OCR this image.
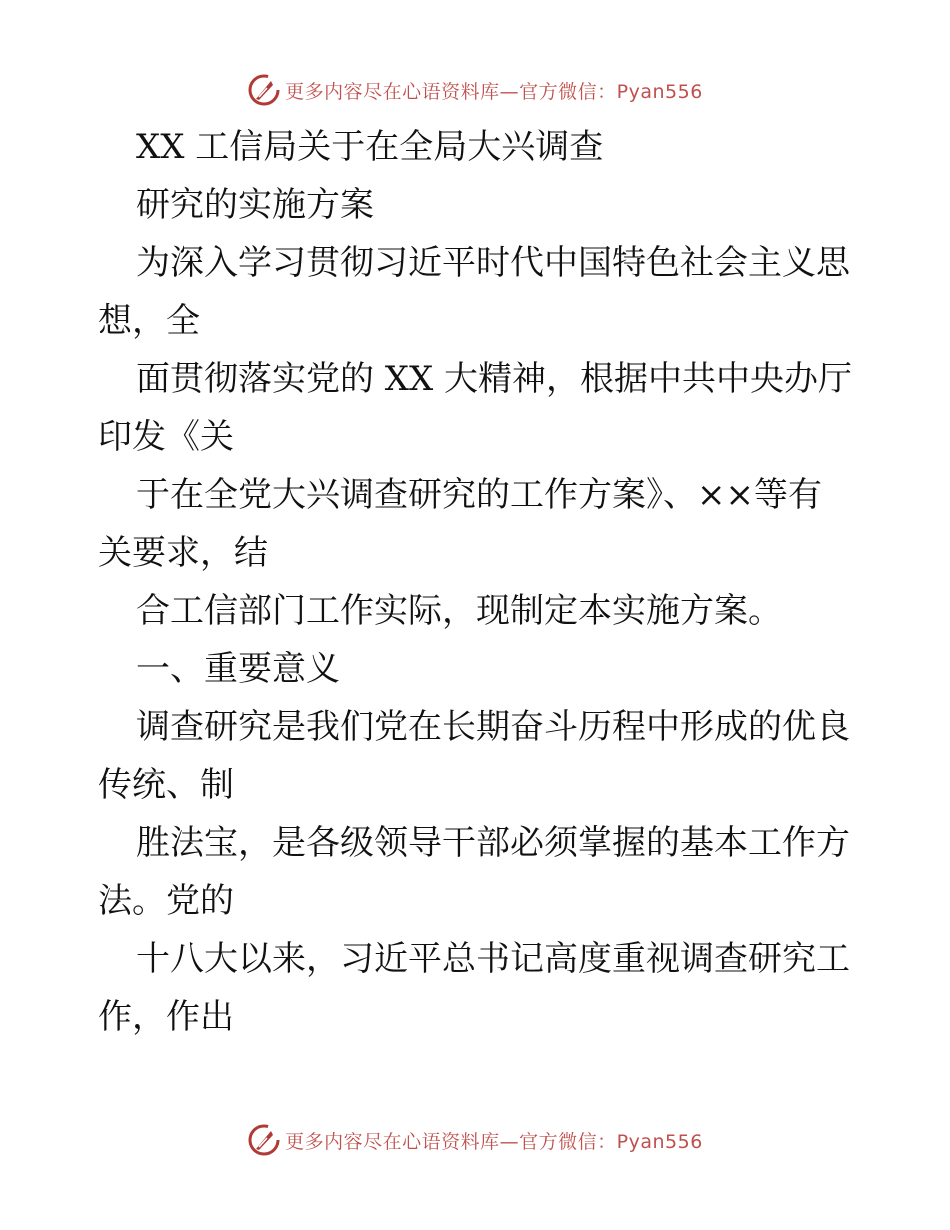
更多内容尽在心语资料库—官方微信：Pyan556
XX 工信局关于在全局大兴调查
研究的实施方案
为深入学习贯彻习近平时代中国特色社会主义思
想，全
面贯彻落实党的 XX 大精神，根据中共中央办厅
印发《关
于在全党大兴调查研究的工作方案》、××等有
关要求，结
合工信部门工作实际，现制定本实施方案。
一、重要意义
调查研究是我们党在长期奋斗历程中形成的优良
传统、制
胜法宝，是各级领导干部必须掌握的基本工作方
法。党的
十八大以来，习近平总书记高度重视调查研究工
作，作出
更多内容尽在心语资料库—官方微信：Pyan556
